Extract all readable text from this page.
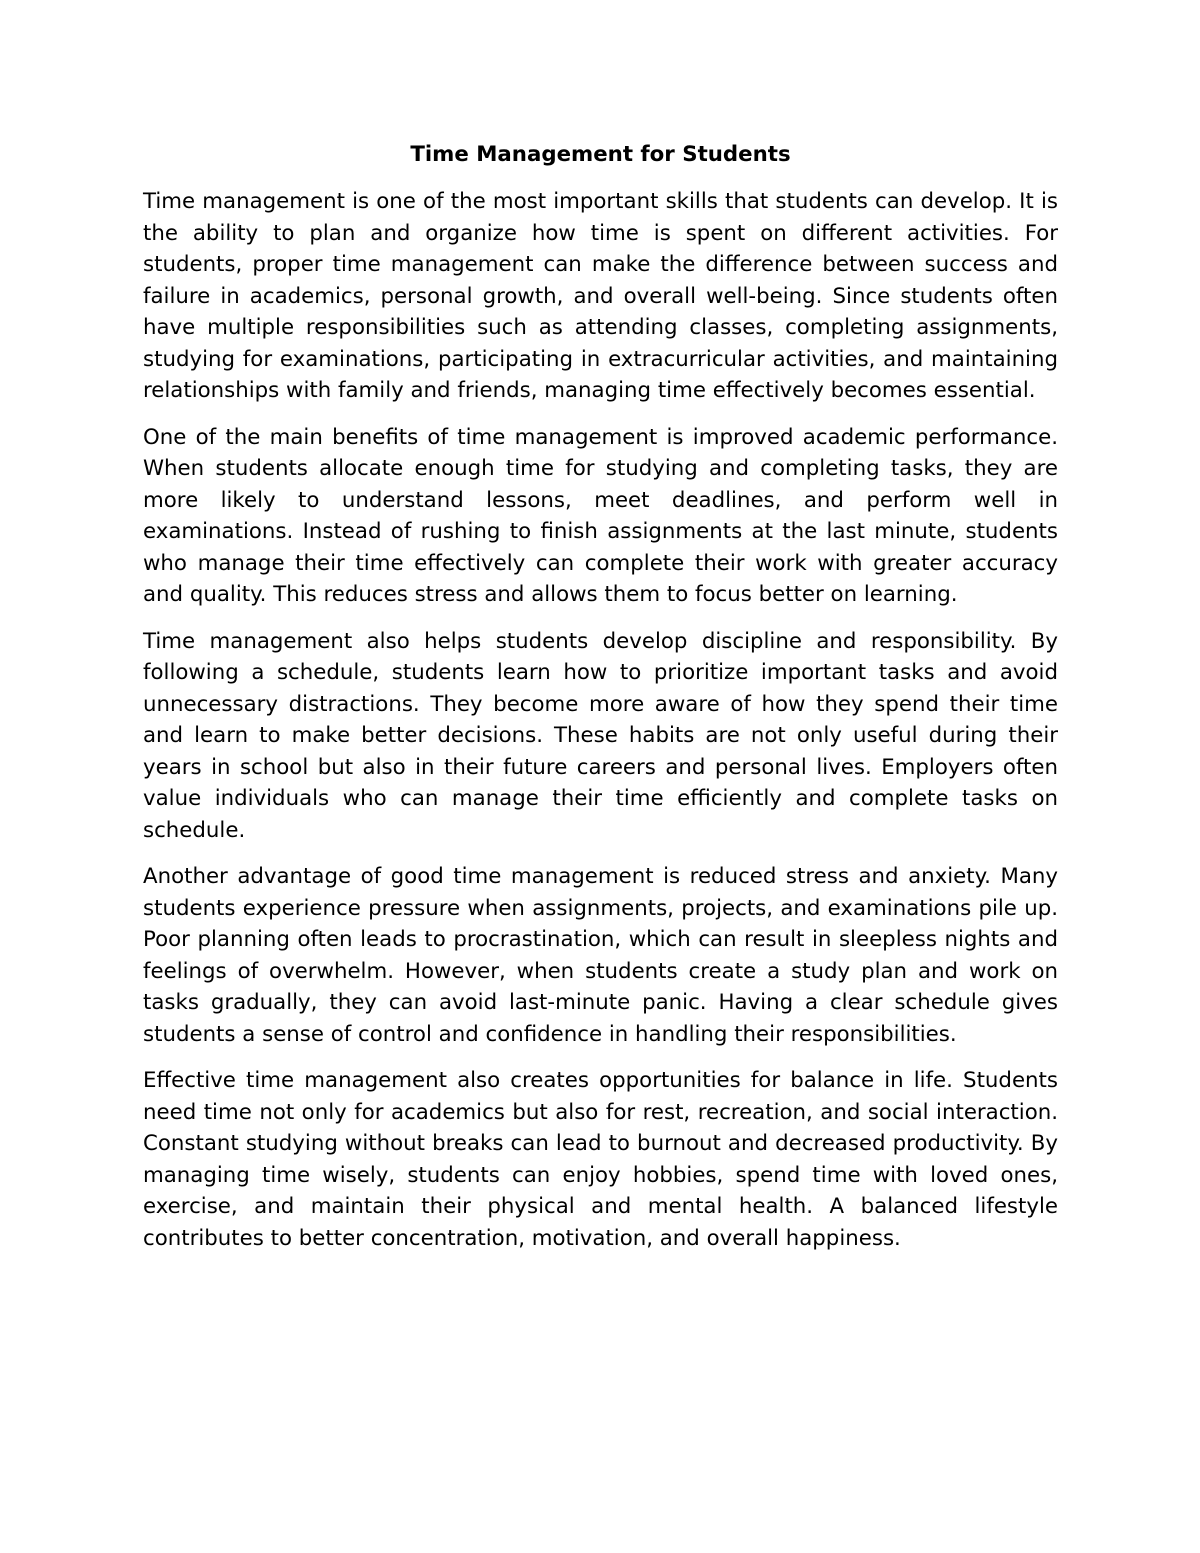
Time Management for Students

Time management is one of the most important skills that students can develop. It is the ability to plan and organize how time is spent on different activities. For students, proper time management can make the difference between success and failure in academics, personal growth, and overall well-being. Since students often have multiple responsibilities such as attending classes, completing assignments, studying for examinations, participating in extracurricular activities, and maintaining relationships with family and friends, managing time effectively becomes essential.

One of the main benefits of time management is improved academic performance. When students allocate enough time for studying and completing tasks, they are more likely to understand lessons, meet deadlines, and perform well in examinations. Instead of rushing to finish assignments at the last minute, students who manage their time effectively can complete their work with greater accuracy and quality. This reduces stress and allows them to focus better on learning.

Time management also helps students develop discipline and responsibility. By following a schedule, students learn how to prioritize important tasks and avoid unnecessary distractions. They become more aware of how they spend their time and learn to make better decisions. These habits are not only useful during their years in school but also in their future careers and personal lives. Employers often value individuals who can manage their time efficiently and complete tasks on schedule.

Another advantage of good time management is reduced stress and anxiety. Many students experience pressure when assignments, projects, and examinations pile up. Poor planning often leads to procrastination, which can result in sleepless nights and feelings of overwhelm. However, when students create a study plan and work on tasks gradually, they can avoid last-minute panic. Having a clear schedule gives students a sense of control and confidence in handling their responsibilities.

Effective time management also creates opportunities for balance in life. Students need time not only for academics but also for rest, recreation, and social interaction. Constant studying without breaks can lead to burnout and decreased productivity. By managing time wisely, students can enjoy hobbies, spend time with loved ones, exercise, and maintain their physical and mental health. A balanced lifestyle contributes to better concentration, motivation, and overall happiness.
